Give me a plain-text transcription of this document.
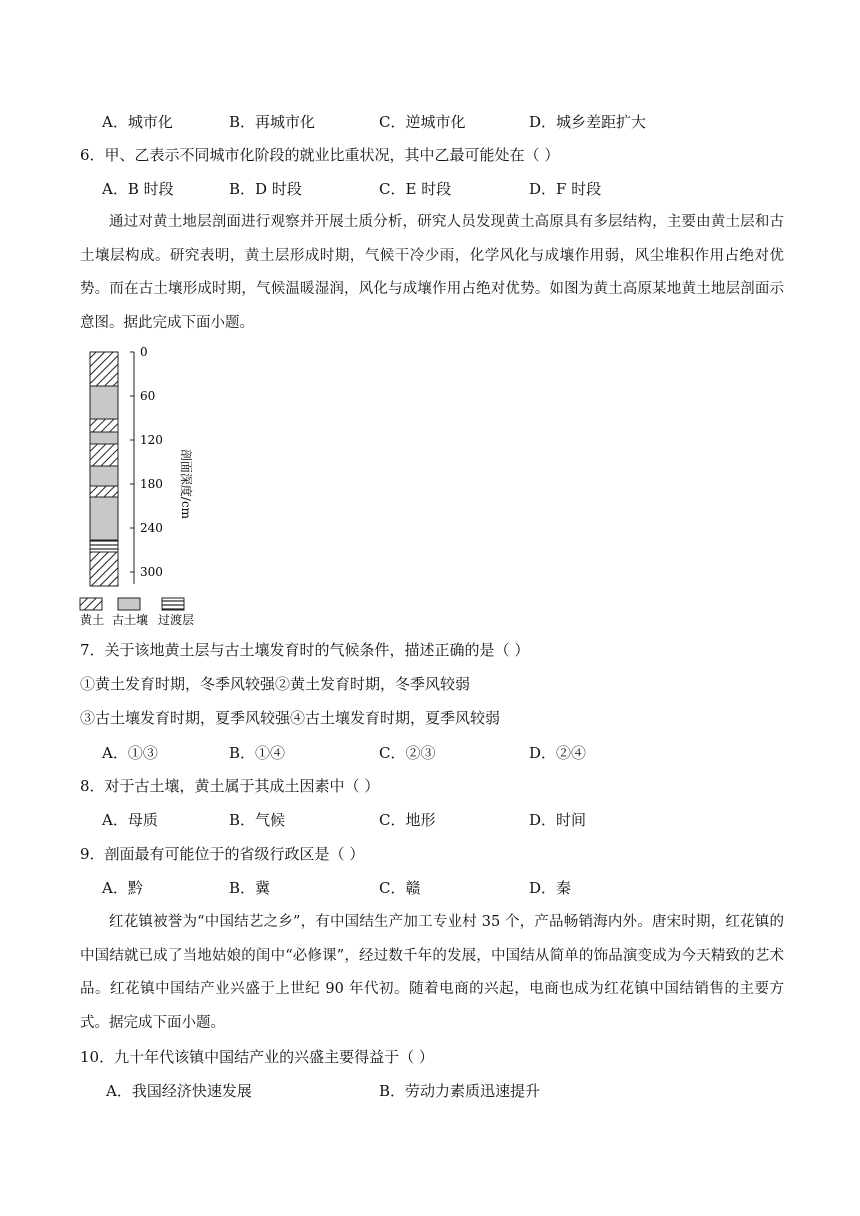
A．城市化	B．再城市化	C．逆城市化	D．城乡差距扩大
6．甲、乙表示不同城市化阶段的就业比重状况，其中乙最可能处在（ ）
A．B 时段	B．D 时段	C．E 时段	D．F 时段

通过对黄土地层剖面进行观察并开展土质分析，研究人员发现黄土高原具有多层结构，主要由黄土层和古土壤层构成。研究表明，黄土层形成时期，气候干冷少雨，化学风化与成壤作用弱，风尘堆积作用占绝对优势。而在古土壤形成时期，气候温暖湿润，风化与成壤作用占绝对优势。如图为黄土高原某地黄土地层剖面示意图。据此完成下面小题。

0
60
120
180
240
300
剖面深度/cm
黄土 古土壤 过渡层
7．关于该地黄土层与古土壤发育时的气候条件，描述正确的是（ ）
①黄土发育时期，冬季风较强②黄土发育时期，冬季风较弱
③古土壤发育时期，夏季风较强④古土壤发育时期，夏季风较弱
A．①③	B．①④	C．②③	D．②④
8．对于古土壤，黄土属于其成土因素中（ ）
A．母质	B．气候	C．地形	D．时间
9．剖面最有可能位于的省级行政区是（ ）
A．黔	B．冀	C．赣	D．秦

红花镇被誉为“中国结艺之乡”，有中国结生产加工专业村 35 个，产品畅销海内外。唐宋时期，红花镇的中国结就已成了当地姑娘的闺中“必修课”，经过数千年的发展，中国结从简单的饰品演变成为今天精致的艺术品。红花镇中国结产业兴盛于上世纪 90 年代初。随着电商的兴起，电商也成为红花镇中国结销售的主要方式。据完成下面小题。

10．九十年代该镇中国结产业的兴盛主要得益于（ ）
A．我国经济快速发展	B．劳动力素质迅速提升
